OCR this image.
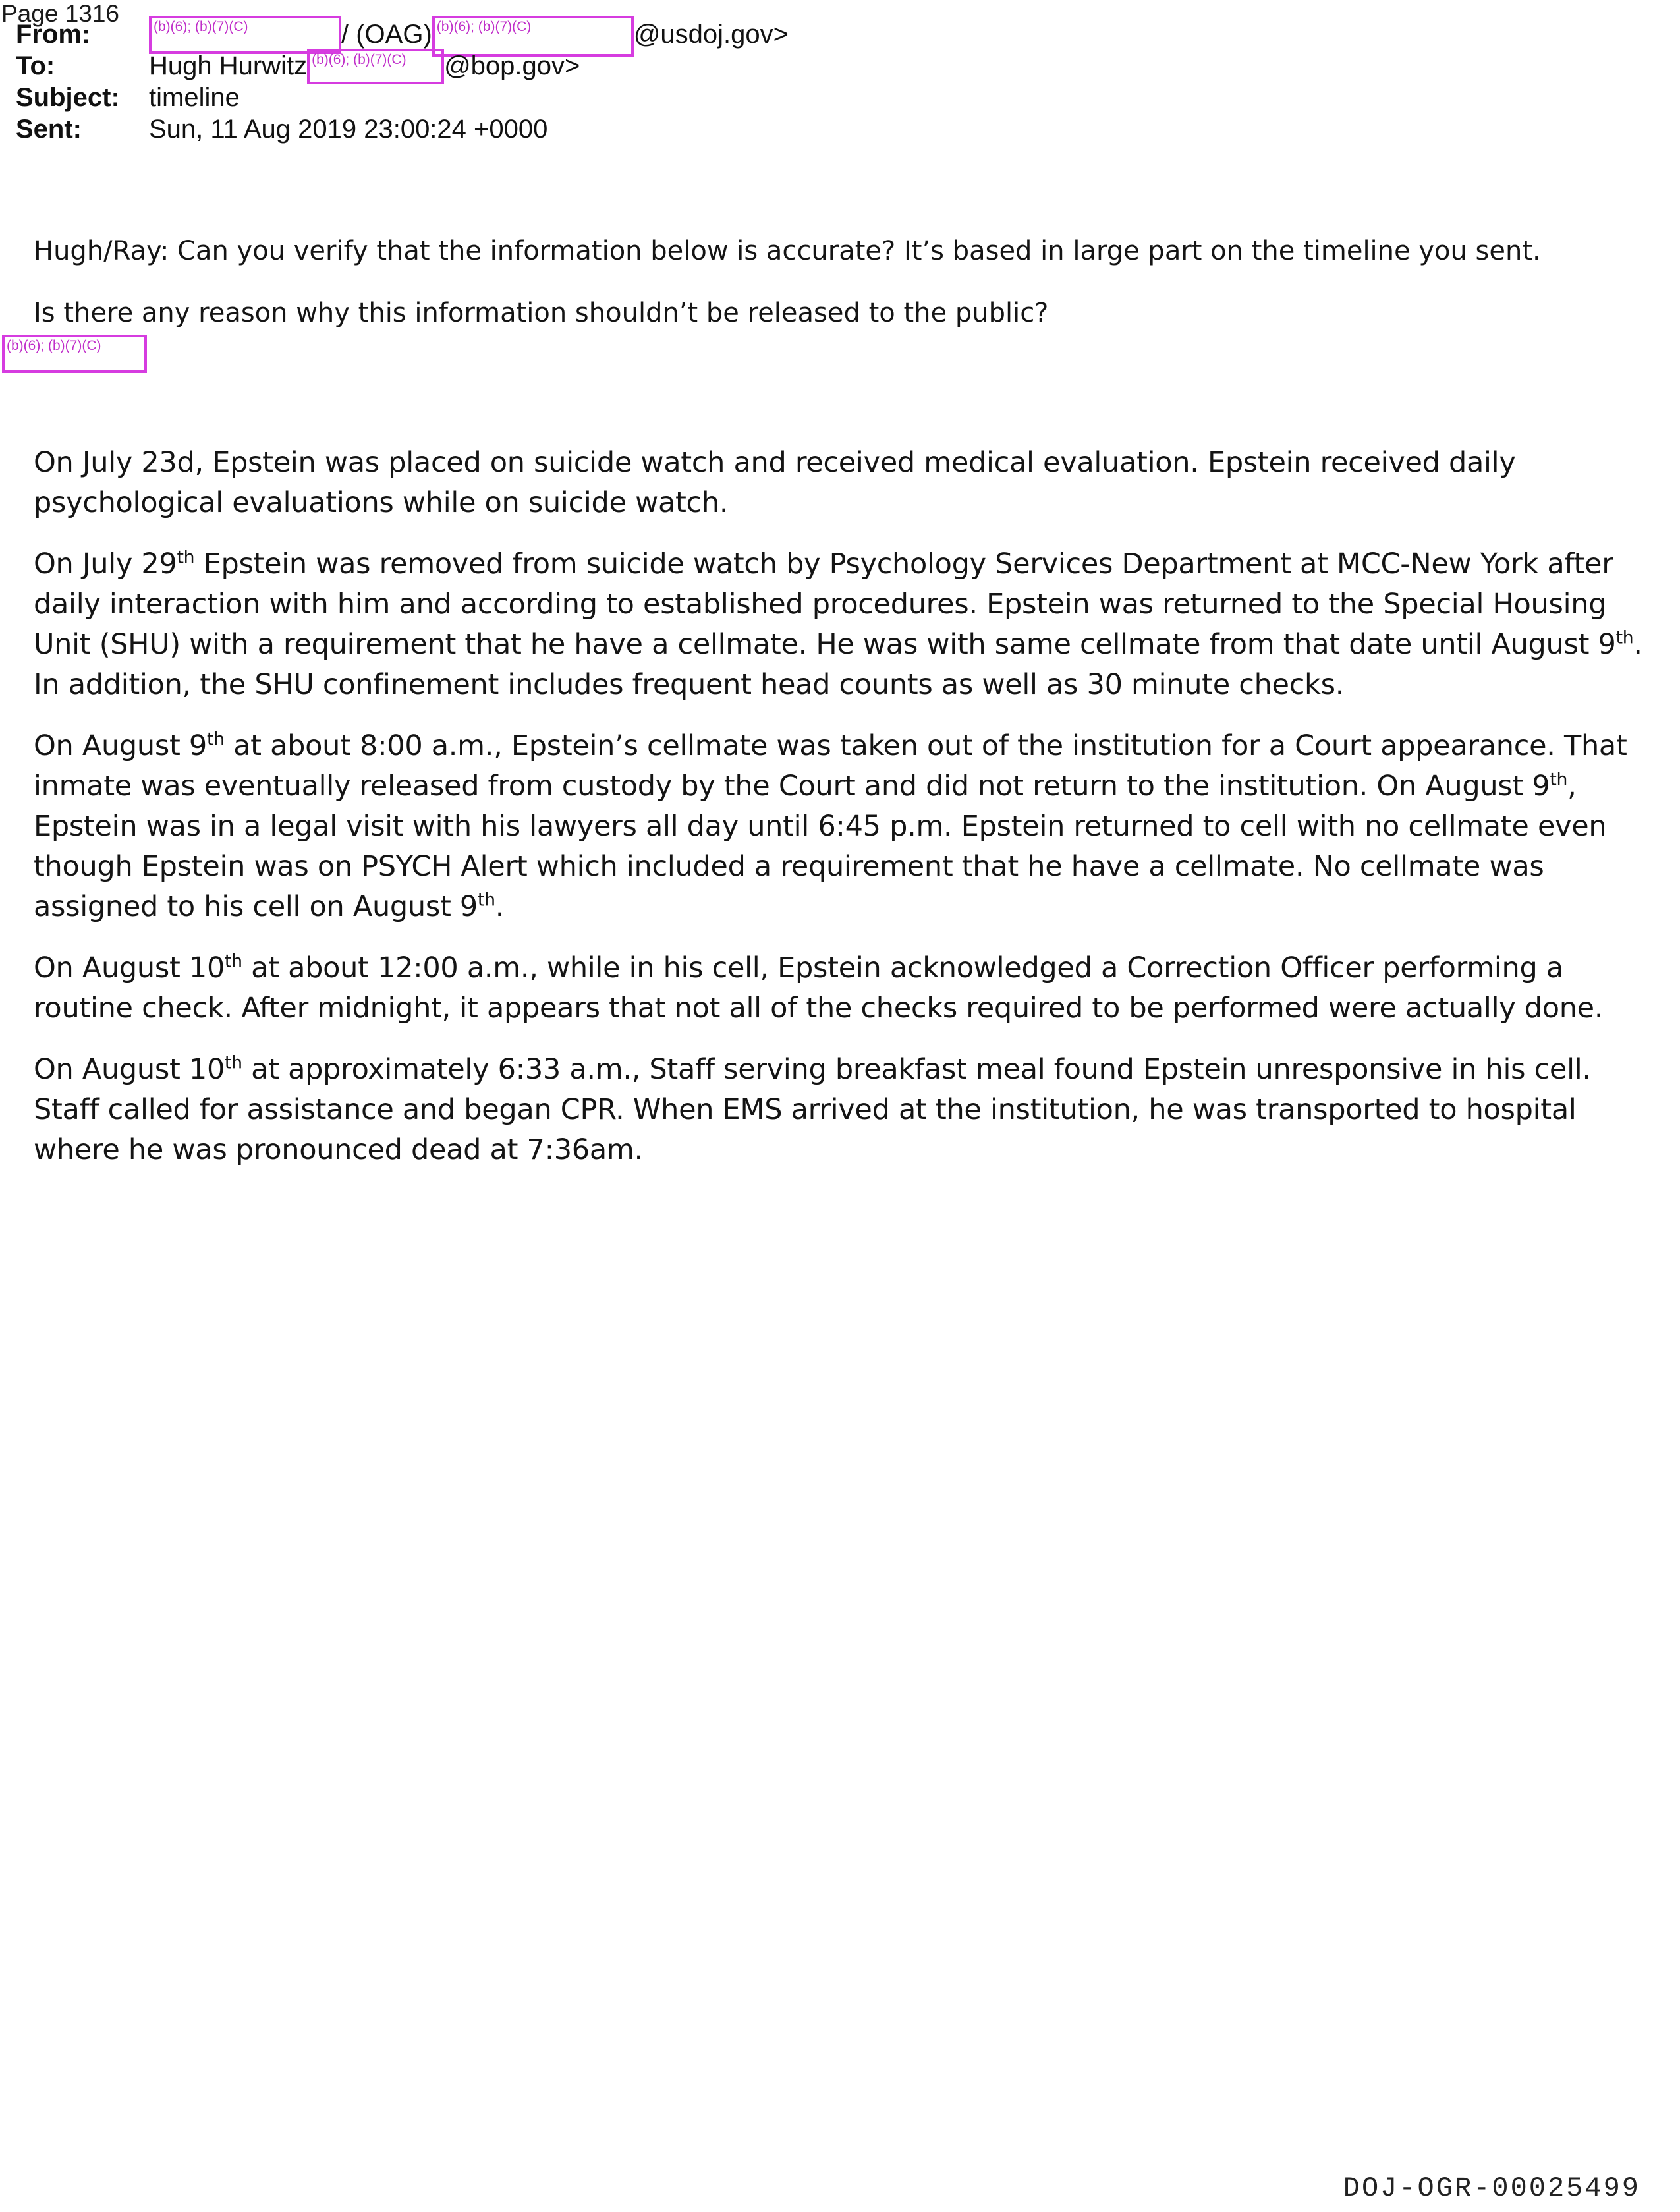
Page 1316
From:	(b)(6); (b)(7)(C)	/ (OAG) (b)(6); (b)(7)(C)	@usdoj.gov>
To:	Hugh Hurwitz (b)(6); (b)(7)(C)	@bop.gov>
Subject:	timeline
Sent:	Sun, 11 Aug 2019 23:00:24 +0000

Hugh/Ray: Can you verify that the information below is accurate? It’s based in large part on the timeline you sent.

Is there any reason why this information shouldn’t be released to the public?

(b)(6); (b)(7)(C)

On July 23d, Epstein was placed on suicide watch and received medical evaluation. Epstein received daily psychological evaluations while on suicide watch.

On July 29th Epstein was removed from suicide watch by Psychology Services Department at MCC-New York after daily interaction with him and according to established procedures. Epstein was returned to the Special Housing Unit (SHU) with a requirement that he have a cellmate. He was with same cellmate from that date until August 9th. In addition, the SHU confinement includes frequent head counts as well as 30 minute checks.

On August 9th at about 8:00 a.m., Epstein’s cellmate was taken out of the institution for a Court appearance. That inmate was eventually released from custody by the Court and did not return to the institution. On August 9th, Epstein was in a legal visit with his lawyers all day until 6:45 p.m. Epstein returned to cell with no cellmate even though Epstein was on PSYCH Alert which included a requirement that he have a cellmate. No cellmate was assigned to his cell on August 9th.

On August 10th at about 12:00 a.m., while in his cell, Epstein acknowledged a Correction Officer performing a routine check. After midnight, it appears that not all of the checks required to be performed were actually done.

On August 10th at approximately 6:33 a.m., Staff serving breakfast meal found Epstein unresponsive in his cell. Staff called for assistance and began CPR. When EMS arrived at the institution, he was transported to hospital where he was pronounced dead at 7:36am.

DOJ-OGR-00025499
